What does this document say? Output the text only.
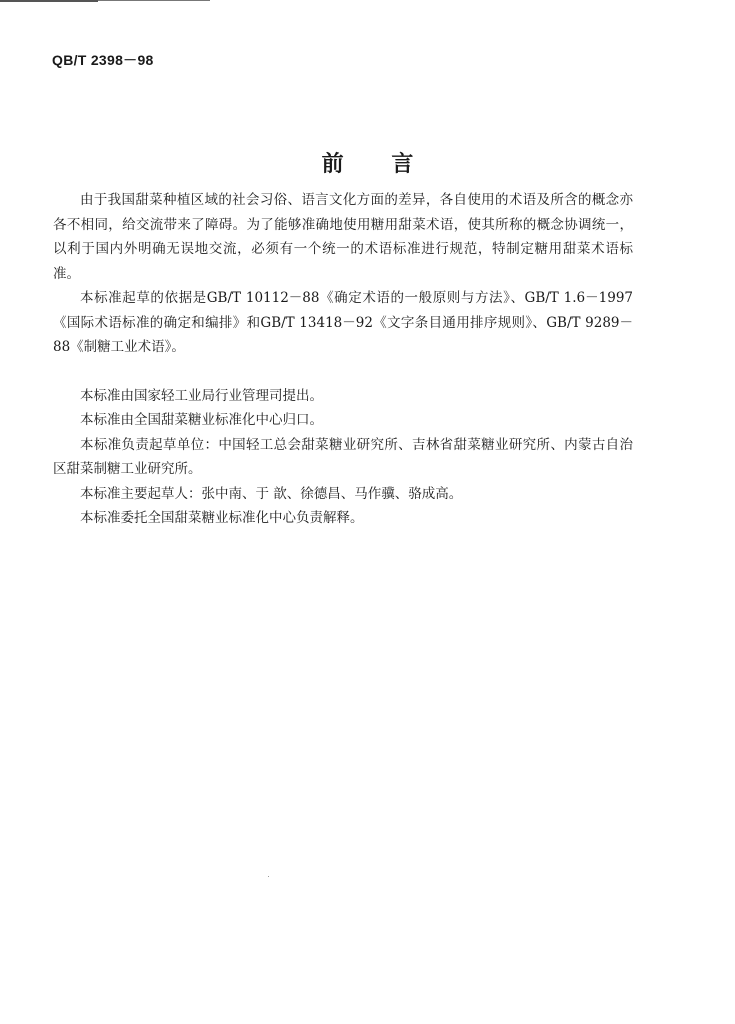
QB/T 2398－98
前 言

由于我国甜菜种植区域的社会习俗、语言文化方面的差异，各自使用的术语及所含的概念亦各不相同，给交流带来了障碍。为了能够准确地使用糖用甜菜术语，使其所称的概念协调统一，以利于国内外明确无误地交流，必须有一个统一的术语标准进行规范，特制定糖用甜菜术语标准。

本标准起草的依据是GB/T 10112－88《确定术语的一般原则与方法》、GB/T 1.6－1997《国际术语标准的确定和编排》和GB/T 13418－92《文字条目通用排序规则》、GB/T 9289－88《制糖工业术语》。

本标准由国家轻工业局行业管理司提出。

本标准由全国甜菜糖业标准化中心归口。

本标准负责起草单位：中国轻工总会甜菜糖业研究所、吉林省甜菜糖业研究所、内蒙古自治区甜菜制糖工业研究所。

本标准主要起草人：张中南、于 歆、徐德昌、马作骥、骆成高。

本标准委托全国甜菜糖业标准化中心负责解释。
